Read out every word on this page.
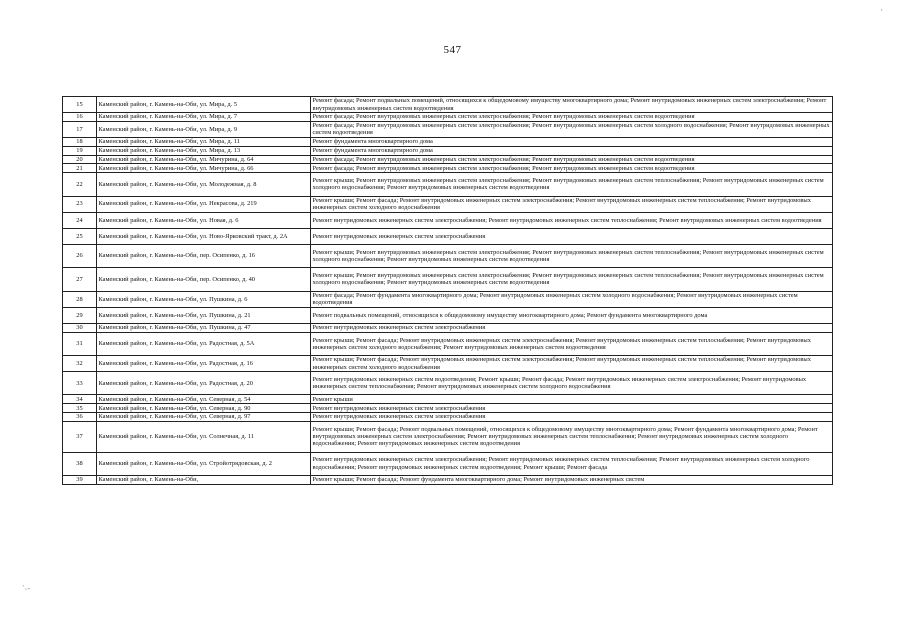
547
·
ˋ˴-
15	Каменский район, г. Камень-на-Оби, ул. Мира, д. 5	Ремонт фасада; Ремонт подвальных помещений, относящихся к общедомовому имуществу многоквартирного дома; Ремонт внутридомовых инженерных систем электроснабжения; Ремонт внутридомовых инженерных систем водоотведения
16	Каменский район, г. Камень-на-Оби, ул. Мира, д. 7	Ремонт фасада; Ремонт внутридомовых инженерных систем электроснабжения; Ремонт внутридомовых инженерных систем водоотведения
17	Каменский район, г. Камень-на-Оби, ул. Мира, д. 9	Ремонт фасада; Ремонт внутридомовых инженерных систем электроснабжения; Ремонт внутридомовых инженерных систем холодного водоснабжения; Ремонт внутридомовых инженерных систем водоотведения
18	Каменский район, г. Камень-на-Оби, ул. Мира, д. 11	Ремонт фундамента многоквартирного дома
19	Каменский район, г. Камень-на-Оби, ул. Мира, д. 13	Ремонт фундамента многоквартирного дома
20	Каменский район, г. Камень-на-Оби, ул. Мичурина, д. 64	Ремонт фасада; Ремонт внутридомовых инженерных систем электроснабжения; Ремонт внутридомовых инженерных систем водоотведения
21	Каменский район, г. Камень-на-Оби, ул. Мичурина, д. 66	Ремонт фасада; Ремонт внутридомовых инженерных систем электроснабжения; Ремонт внутридомовых инженерных систем водоотведения
22	Каменский район, г. Камень-на-Оби, ул. Молодежная, д. 8	Ремонт крыши; Ремонт внутридомовых инженерных систем электроснабжения; Ремонт внутридомовых инженерных систем теплоснабжения; Ремонт внутридомовых инженерных систем холодного водоснабжения; Ремонт внутридомовых инженерных систем водоотведения
23	Каменский район, г. Камень-на-Оби, ул. Некрасова, д. 219	Ремонт крыши; Ремонт фасада; Ремонт внутридомовых инженерных систем электроснабжения; Ремонт внутридомовых инженерных систем теплоснабжения; Ремонт внутридомовых инженерных систем холодного водоснабжения
24	Каменский район, г. Камень-на-Оби, ул. Новая, д. 6	Ремонт внутридомовых инженерных систем электроснабжения; Ремонт внутридомовых инженерных систем теплоснабжения; Ремонт внутридомовых инженерных систем водоотведения
25	Каменский район, г. Камень-на-Оби, ул. Ново-Ярковский тракт, д. 2А	Ремонт внутридомовых инженерных систем электроснабжения
26	Каменский район, г. Камень-на-Оби, пер. Осипенко, д. 16	Ремонт крыши; Ремонт внутридомовых инженерных систем электроснабжения; Ремонт внутридомовых инженерных систем теплоснабжения; Ремонт внутридомовых инженерных систем холодного водоснабжения; Ремонт внутридомовых инженерных систем водоотведения
27	Каменский район, г. Камень-на-Оби, пер. Осипенко, д. 40	Ремонт крыши; Ремонт внутридомовых инженерных систем электроснабжения; Ремонт внутридомовых инженерных систем теплоснабжения; Ремонт внутридомовых инженерных систем холодного водоснабжения; Ремонт внутридомовых инженерных систем водоотведения
28	Каменский район, г. Камень-на-Оби, ул. Пушкина, д. 6	Ремонт фасада; Ремонт фундамента многоквартирного дома; Ремонт внутридомовых инженерных систем холодного водоснабжения; Ремонт внутридомовых инженерных систем водоотведения
29	Каменский район, г. Камень-на-Оби, ул. Пушкина, д. 21	Ремонт подвальных помещений, относящихся к общедомовому имуществу многоквартирного дома; Ремонт фундамента многоквартирного дома
30	Каменский район, г. Камень-на-Оби, ул. Пушкина, д. 47	Ремонт внутридомовых инженерных систем электроснабжения
31	Каменский район, г. Камень-на-Оби, ул. Радостная, д. 5А	Ремонт крыши; Ремонт фасада; Ремонт внутридомовых инженерных систем электроснабжения; Ремонт внутридомовых инженерных систем теплоснабжения; Ремонт внутридомовых инженерных систем холодного водоснабжения; Ремонт внутридомовых инженерных систем водоотведения
32	Каменский район, г. Камень-на-Оби, ул. Радостная, д. 16	Ремонт крыши; Ремонт фасада; Ремонт внутридомовых инженерных систем электроснабжения; Ремонт внутридомовых инженерных систем теплоснабжения; Ремонт внутридомовых инженерных систем холодного водоснабжения
33	Каменский район, г. Камень-на-Оби, ул. Радостная, д. 20	Ремонт внутридомовых инженерных систем водоотведения; Ремонт крыши; Ремонт фасада; Ремонт внутридомовых инженерных систем электроснабжения; Ремонт внутридомовых инженерных систем теплоснабжения; Ремонт внутридомовых инженерных систем холодного водоснабжения
34	Каменский район, г. Камень-на-Оби, ул. Северная, д. 54	Ремонт крыши
35	Каменский район, г. Камень-на-Оби, ул. Северная, д. 90	Ремонт внутридомовых инженерных систем электроснабжения
36	Каменский район, г. Камень-на-Оби, ул. Северная, д. 97	Ремонт внутридомовых инженерных систем электроснабжения
37	Каменский район, г. Камень-на-Оби, ул. Солнечная, д. 11	Ремонт крыши; Ремонт фасада; Ремонт подвальных помещений, относящихся к общедомовому имуществу многоквартирного дома; Ремонт фундамента многоквартирного дома; Ремонт внутридомовых инженерных систем электроснабжения; Ремонт внутридомовых инженерных систем теплоснабжения; Ремонт внутридомовых инженерных систем холодного водоснабжения; Ремонт внутридомовых инженерных систем водоотведения
38	Каменский район, г. Камень-на-Оби, ул. Стройотрядовская, д. 2	Ремонт внутридомовых инженерных систем электроснабжения; Ремонт внутридомовых инженерных систем теплоснабжения; Ремонт внутридомовых инженерных систем холодного водоснабжения; Ремонт внутридомовых инженерных систем водоотведения; Ремонт крыши; Ремонт фасада
39	Каменский район, г. Камень-на-Оби,	Ремонт крыши; Ремонт фасада; Ремонт фундамента многоквартирного дома; Ремонт внутридомовых инженерных систем
